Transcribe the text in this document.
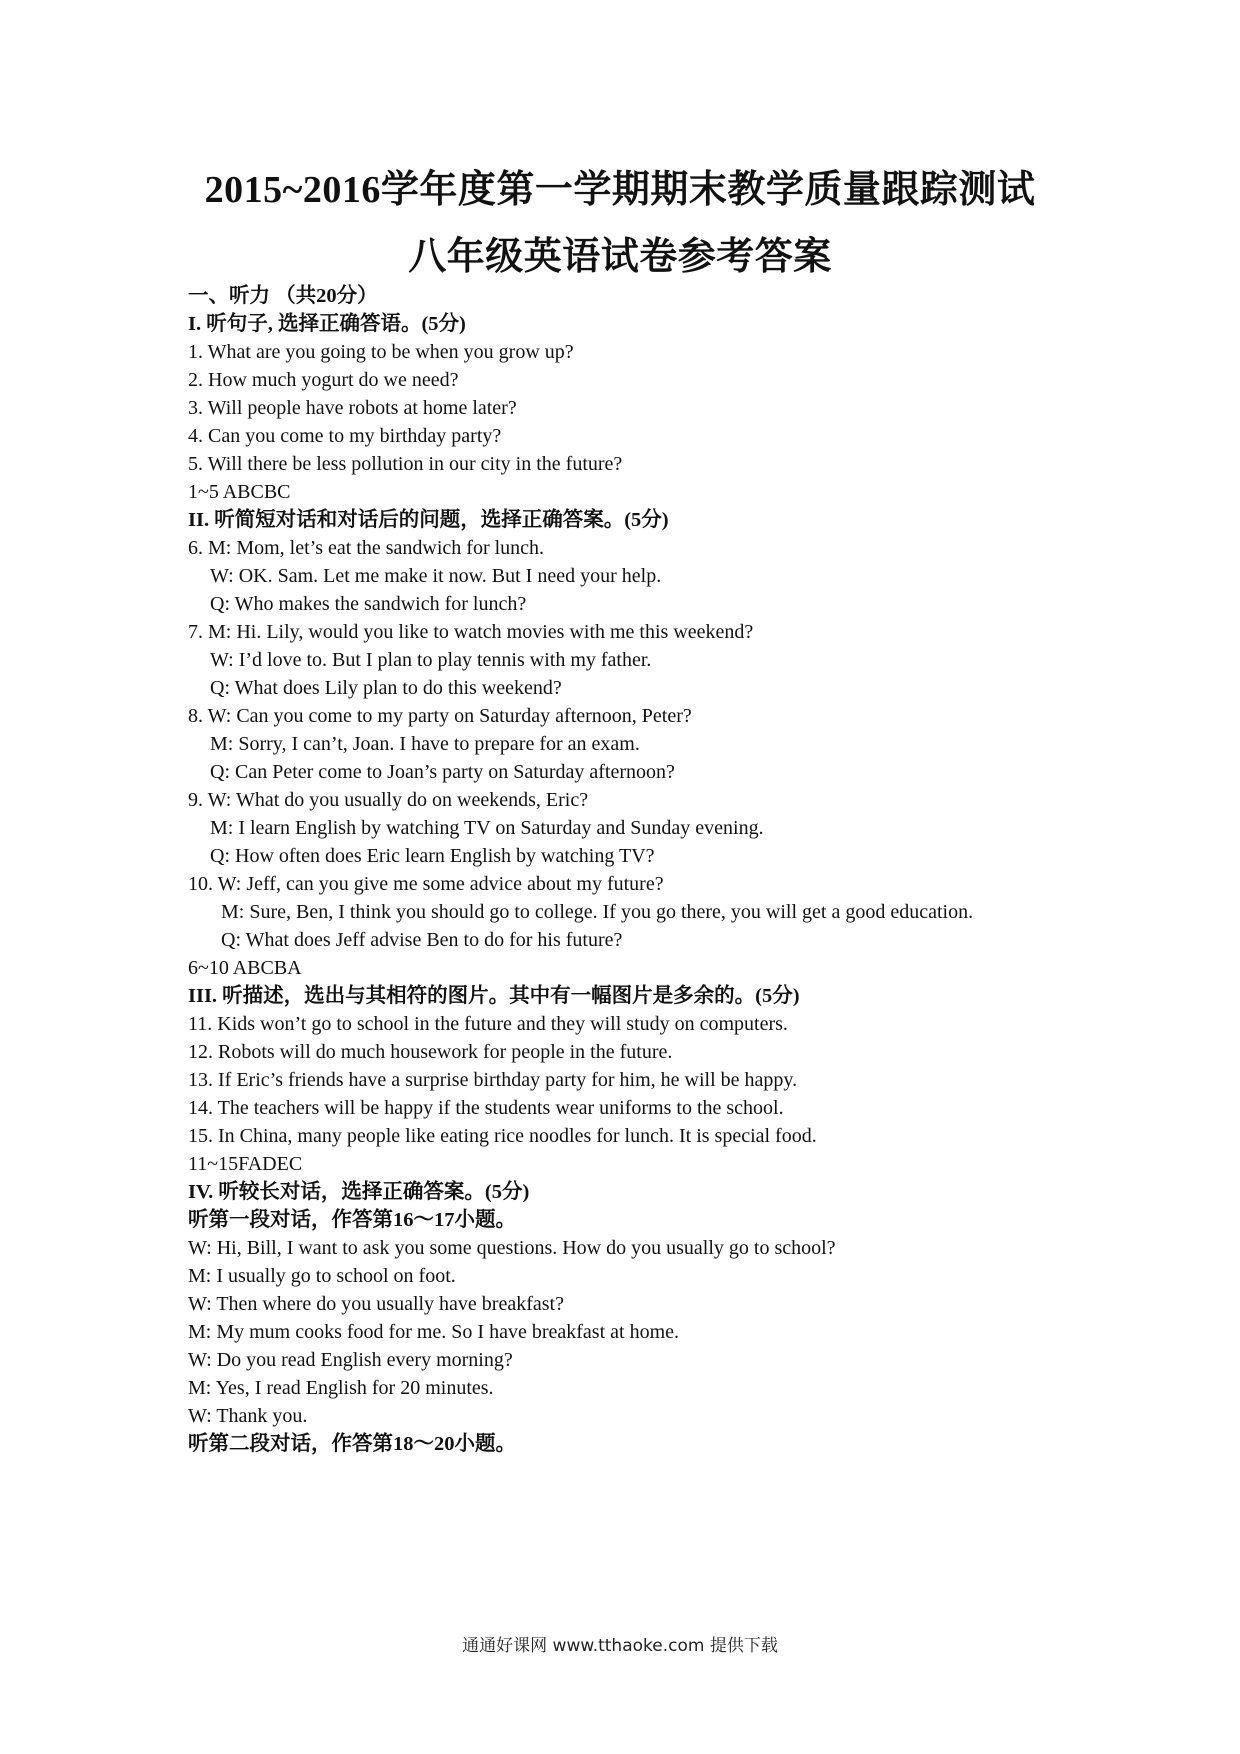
2015~2016学年度第一学期期末教学质量跟踪测试
八年级英语试卷参考答案
一、听力 （共20分）
I. 听句子, 选择正确答语。(5分)
1. What are you going to be when you grow up?
2. How much yogurt do we need?
3. Will people have robots at home later?
4. Can you come to my birthday party?
5. Will there be less pollution in our city in the future?
1~5 ABCBC
II. 听简短对话和对话后的问题，选择正确答案。(5分)
6. M: Mom, let’s eat the sandwich for lunch.
W: OK. Sam. Let me make it now. But I need your help.
Q: Who makes the sandwich for lunch?
7. M: Hi. Lily, would you like to watch movies with me this weekend?
W: I’d love to. But I plan to play tennis with my father.
Q: What does Lily plan to do this weekend?
8. W: Can you come to my party on Saturday afternoon, Peter?
M: Sorry, I can’t, Joan. I have to prepare for an exam.
Q: Can Peter come to Joan’s party on Saturday afternoon?
9. W: What do you usually do on weekends, Eric?
M: I learn English by watching TV on Saturday and Sunday evening.
Q: How often does Eric learn English by watching TV?
10. W: Jeff, can you give me some advice about my future?
M: Sure, Ben, I think you should go to college. If you go there, you will get a good education.
Q: What does Jeff advise Ben to do for his future?
6~10 ABCBA
III. 听描述，选出与其相符的图片。其中有一幅图片是多余的。(5分)
11. Kids won’t go to school in the future and they will study on computers.
12. Robots will do much housework for people in the future.
13. If Eric’s friends have a surprise birthday party for him, he will be happy.
14. The teachers will be happy if the students wear uniforms to the school.
15. In China, many people like eating rice noodles for lunch. It is special food.
11~15FADEC
IV. 听较长对话，选择正确答案。(5分)
听第一段对话，作答第16～17小题。
W: Hi, Bill, I want to ask you some questions. How do you usually go to school?
M: I usually go to school on foot.
W: Then where do you usually have breakfast?
M: My mum cooks food for me. So I have breakfast at home.
W: Do you read English every morning?
M: Yes, I read English for 20 minutes.
W: Thank you.
听第二段对话，作答第18～20小题。
通通好课网 www.tthaoke.com 提供下载
